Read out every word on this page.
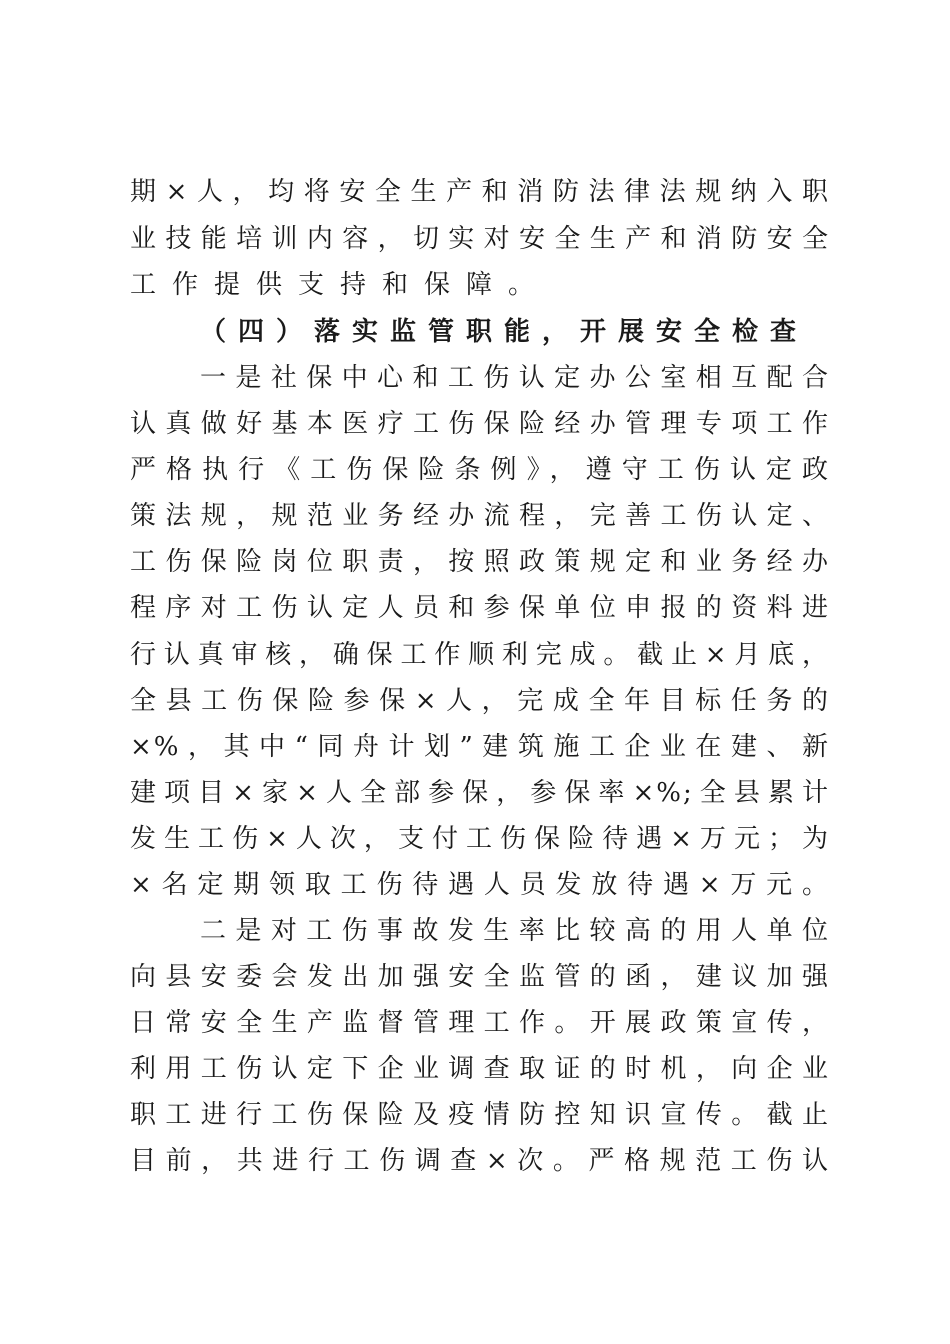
期×人，均将安全生产和消防法律法规纳入职
业技能培训内容，切实对安全生产和消防安全
工作提供支持和保障。
（四）落实监管职能，开展安全检查
一是社保中心和工伤认定办公室相互配合
认真做好基本医疗工伤保险经办管理专项工作
严格执行《工伤保险条例》，遵守工伤认定政
策法规，规范业务经办流程，完善工伤认定、
工伤保险岗位职责，按照政策规定和业务经办
程序对工伤认定人员和参保单位申报的资料进
行认真审核，确保工作顺利完成。截止×月底，
全县工伤保险参保×人，完成全年目标任务的
×%，其中“同舟计划”建筑施工企业在建、新
建项目×家×人全部参保，参保率×%;全县累计
发生工伤×人次，支付工伤保险待遇×万元；为
×名定期领取工伤待遇人员发放待遇×万元。
二是对工伤事故发生率比较高的用人单位
向县安委会发出加强安全监管的函，建议加强
日常安全生产监督管理工作。开展政策宣传，
利用工伤认定下企业调查取证的时机，向企业
职工进行工伤保险及疫情防控知识宣传。截止
目前，共进行工伤调查×次。严格规范工伤认
